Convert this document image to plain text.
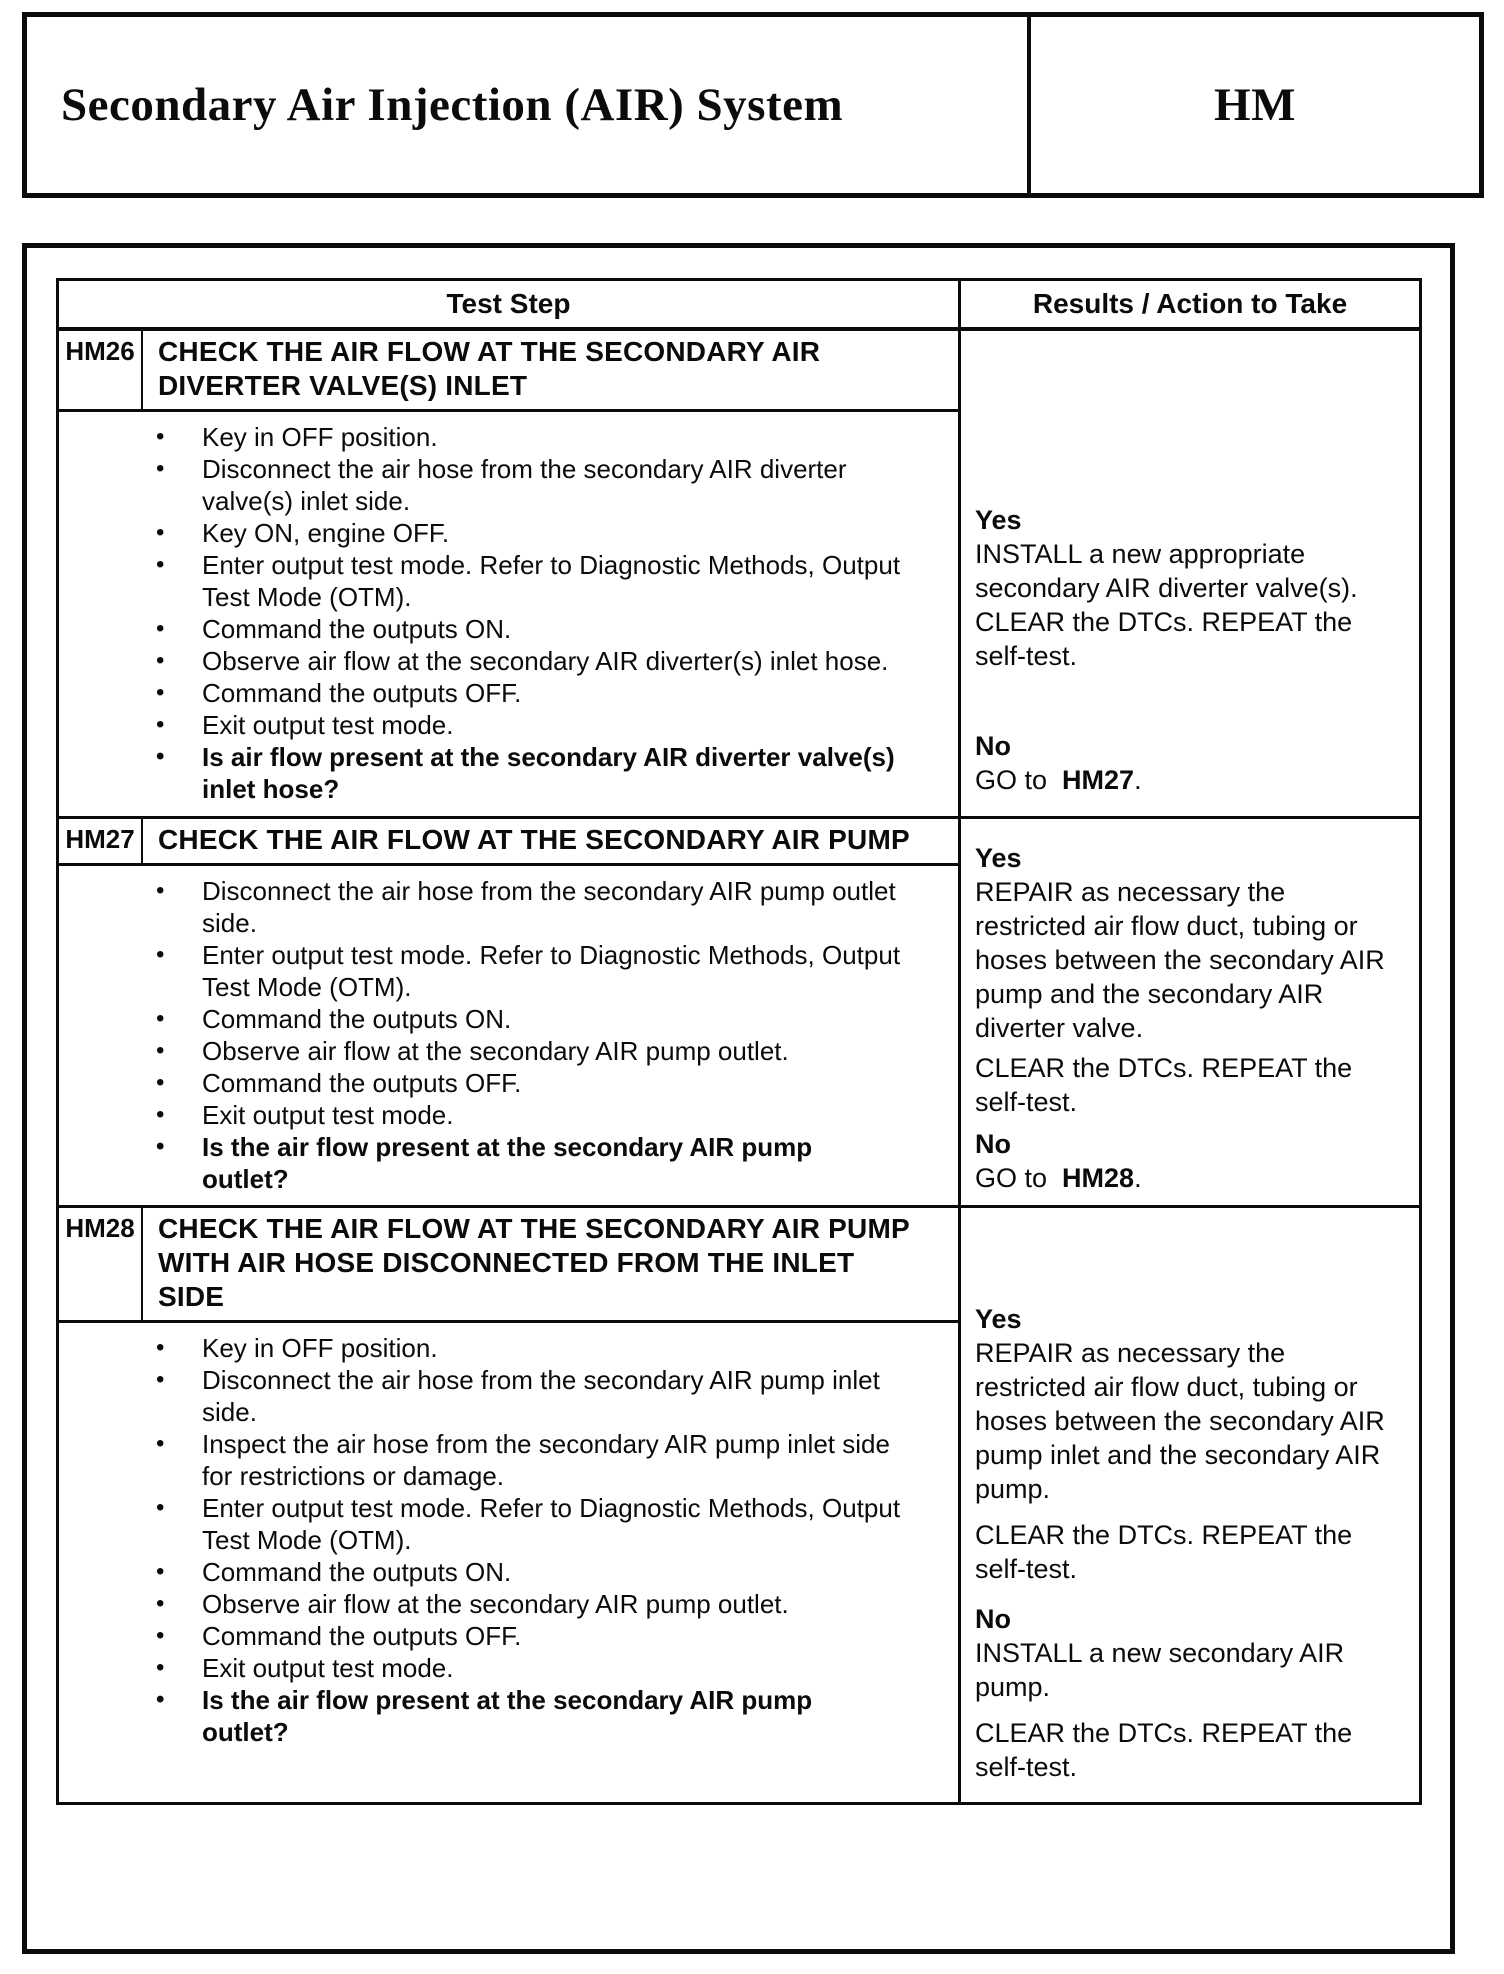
Secondary Air Injection (AIR) System	HM
Test Step	Results / Action to Take
HM26 CHECK THE AIR FLOW AT THE SECONDARY AIR DIVERTER VALVE(S) INLET
• Key in OFF position.
• Disconnect the air hose from the secondary AIR diverter valve(s) inlet side.
• Key ON, engine OFF.
• Enter output test mode. Refer to Diagnostic Methods, Output Test Mode (OTM).
• Command the outputs ON.
• Observe air flow at the secondary AIR diverter(s) inlet hose.
• Command the outputs OFF.
• Exit output test mode.
• Is air flow present at the secondary AIR diverter valve(s) inlet hose?
Yes

INSTALL a new appropriate secondary AIR diverter valve(s). CLEAR the DTCs. REPEAT the self-test.

No

GO to  HM27.

HM27 CHECK THE AIR FLOW AT THE SECONDARY AIR PUMP
• Disconnect the air hose from the secondary AIR pump outlet side.
• Enter output test mode. Refer to Diagnostic Methods, Output Test Mode (OTM).
• Command the outputs ON.
• Observe air flow at the secondary AIR pump outlet.
• Command the outputs OFF.
• Exit output test mode.
• Is the air flow present at the secondary AIR pump outlet?
Yes

REPAIR as necessary the restricted air flow duct, tubing or hoses between the secondary AIR pump and the secondary AIR diverter valve.

CLEAR the DTCs. REPEAT the self-test.

No

GO to  HM28.

HM28 CHECK THE AIR FLOW AT THE SECONDARY AIR PUMP WITH AIR HOSE DISCONNECTED FROM THE INLET SIDE
• Key in OFF position.
• Disconnect the air hose from the secondary AIR pump inlet side.
• Inspect the air hose from the secondary AIR pump inlet side for restrictions or damage.
• Enter output test mode. Refer to Diagnostic Methods, Output Test Mode (OTM).
• Command the outputs ON.
• Observe air flow at the secondary AIR pump outlet.
• Command the outputs OFF.
• Exit output test mode.
• Is the air flow present at the secondary AIR pump outlet?
Yes

REPAIR as necessary the restricted air flow duct, tubing or hoses between the secondary AIR pump inlet and the secondary AIR pump.

CLEAR the DTCs. REPEAT the self-test.

No

INSTALL a new secondary AIR pump.

CLEAR the DTCs. REPEAT the self-test.
